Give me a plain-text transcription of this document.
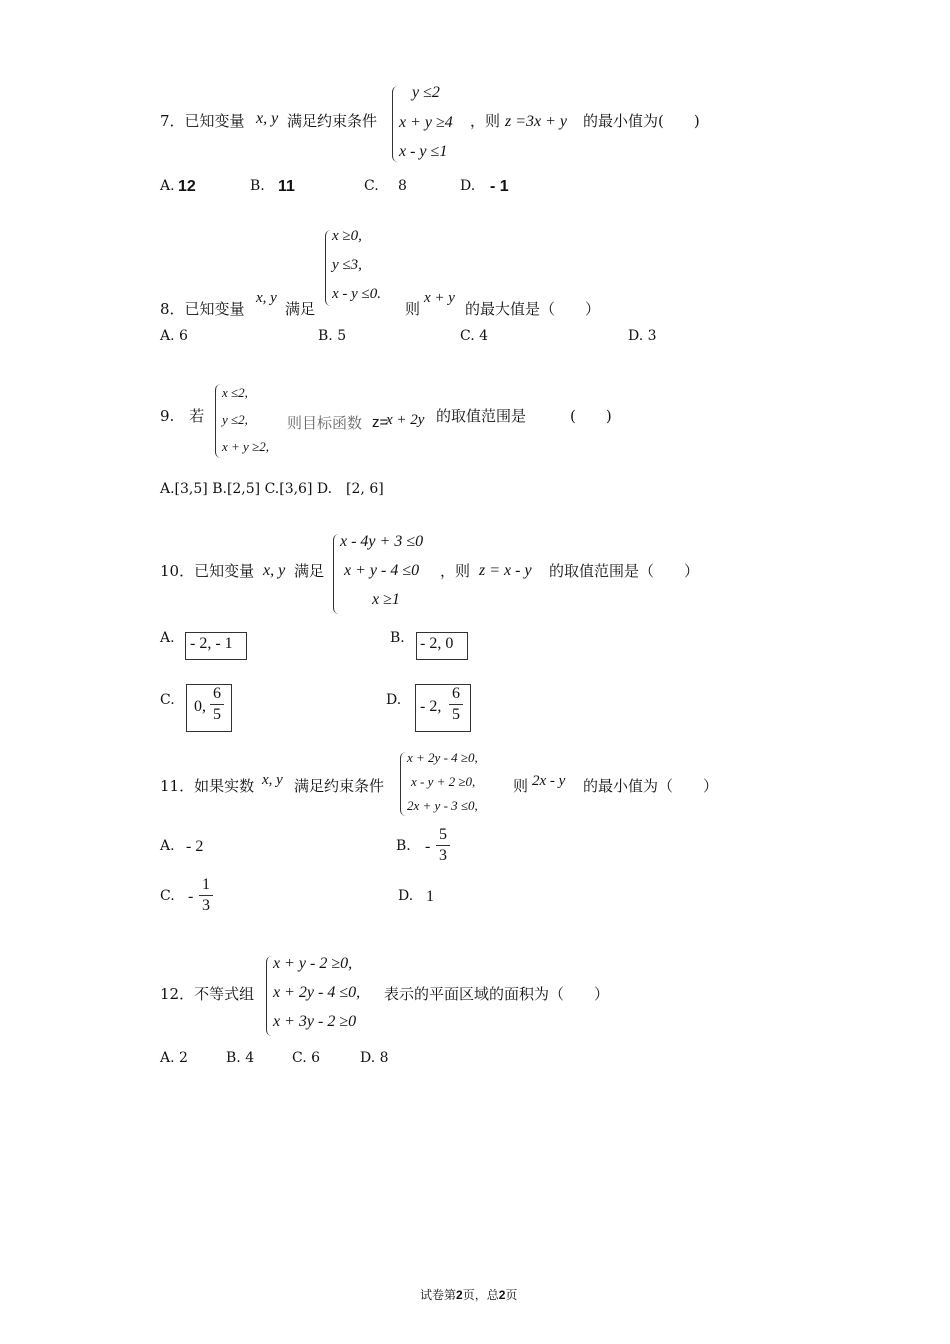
7．已知变量 x, y 满足约束条件
y ≤2
x + y ≥4
x - y ≤1
，则 z =3x + y 的最小值为(　　)
A. 12	B. 11	C. 8	D. - 1
8．已知变量
x, y
满足
x ≥0,
y ≤3,
x - y ≤0.
则
x + y
的最大值是（　　）
A. 6	B. 5	C. 4	D. 3
9.　若
x ≤2,
y ≤2,
x + y ≥2,
则目标函数 z=
x + 2y 的取值范围是	(　　)
A.[3,5] B.[2,5] C.[3,6] D.　[2, 6]
10．已知变量 x, y 满足
x - 4y + 3 ≤0
x + y - 4 ≤0
x ≥1
，则 z = x - y 的取值范围是（　　）
A. - 2, - 1	B. - 2, 0
C. 0,
6
5
D. - 2,
6
5
11．如果实数 x, y 满足约束条件
x + 2y - 4 ≥0,
x - y + 2 ≥0,
2x + y - 3 ≤0,
则 2x - y 的最小值为（　　）
A. - 2	B. -
5
3
C. -
1
3
D. 1
12．不等式组
x + y - 2 ≥0,
x + 2y - 4 ≤0,
x + 3y - 2 ≥0
表示的平面区域的面积为（　　）
A. 2	B. 4	C. 6	D. 8
试卷第2页，总2页
